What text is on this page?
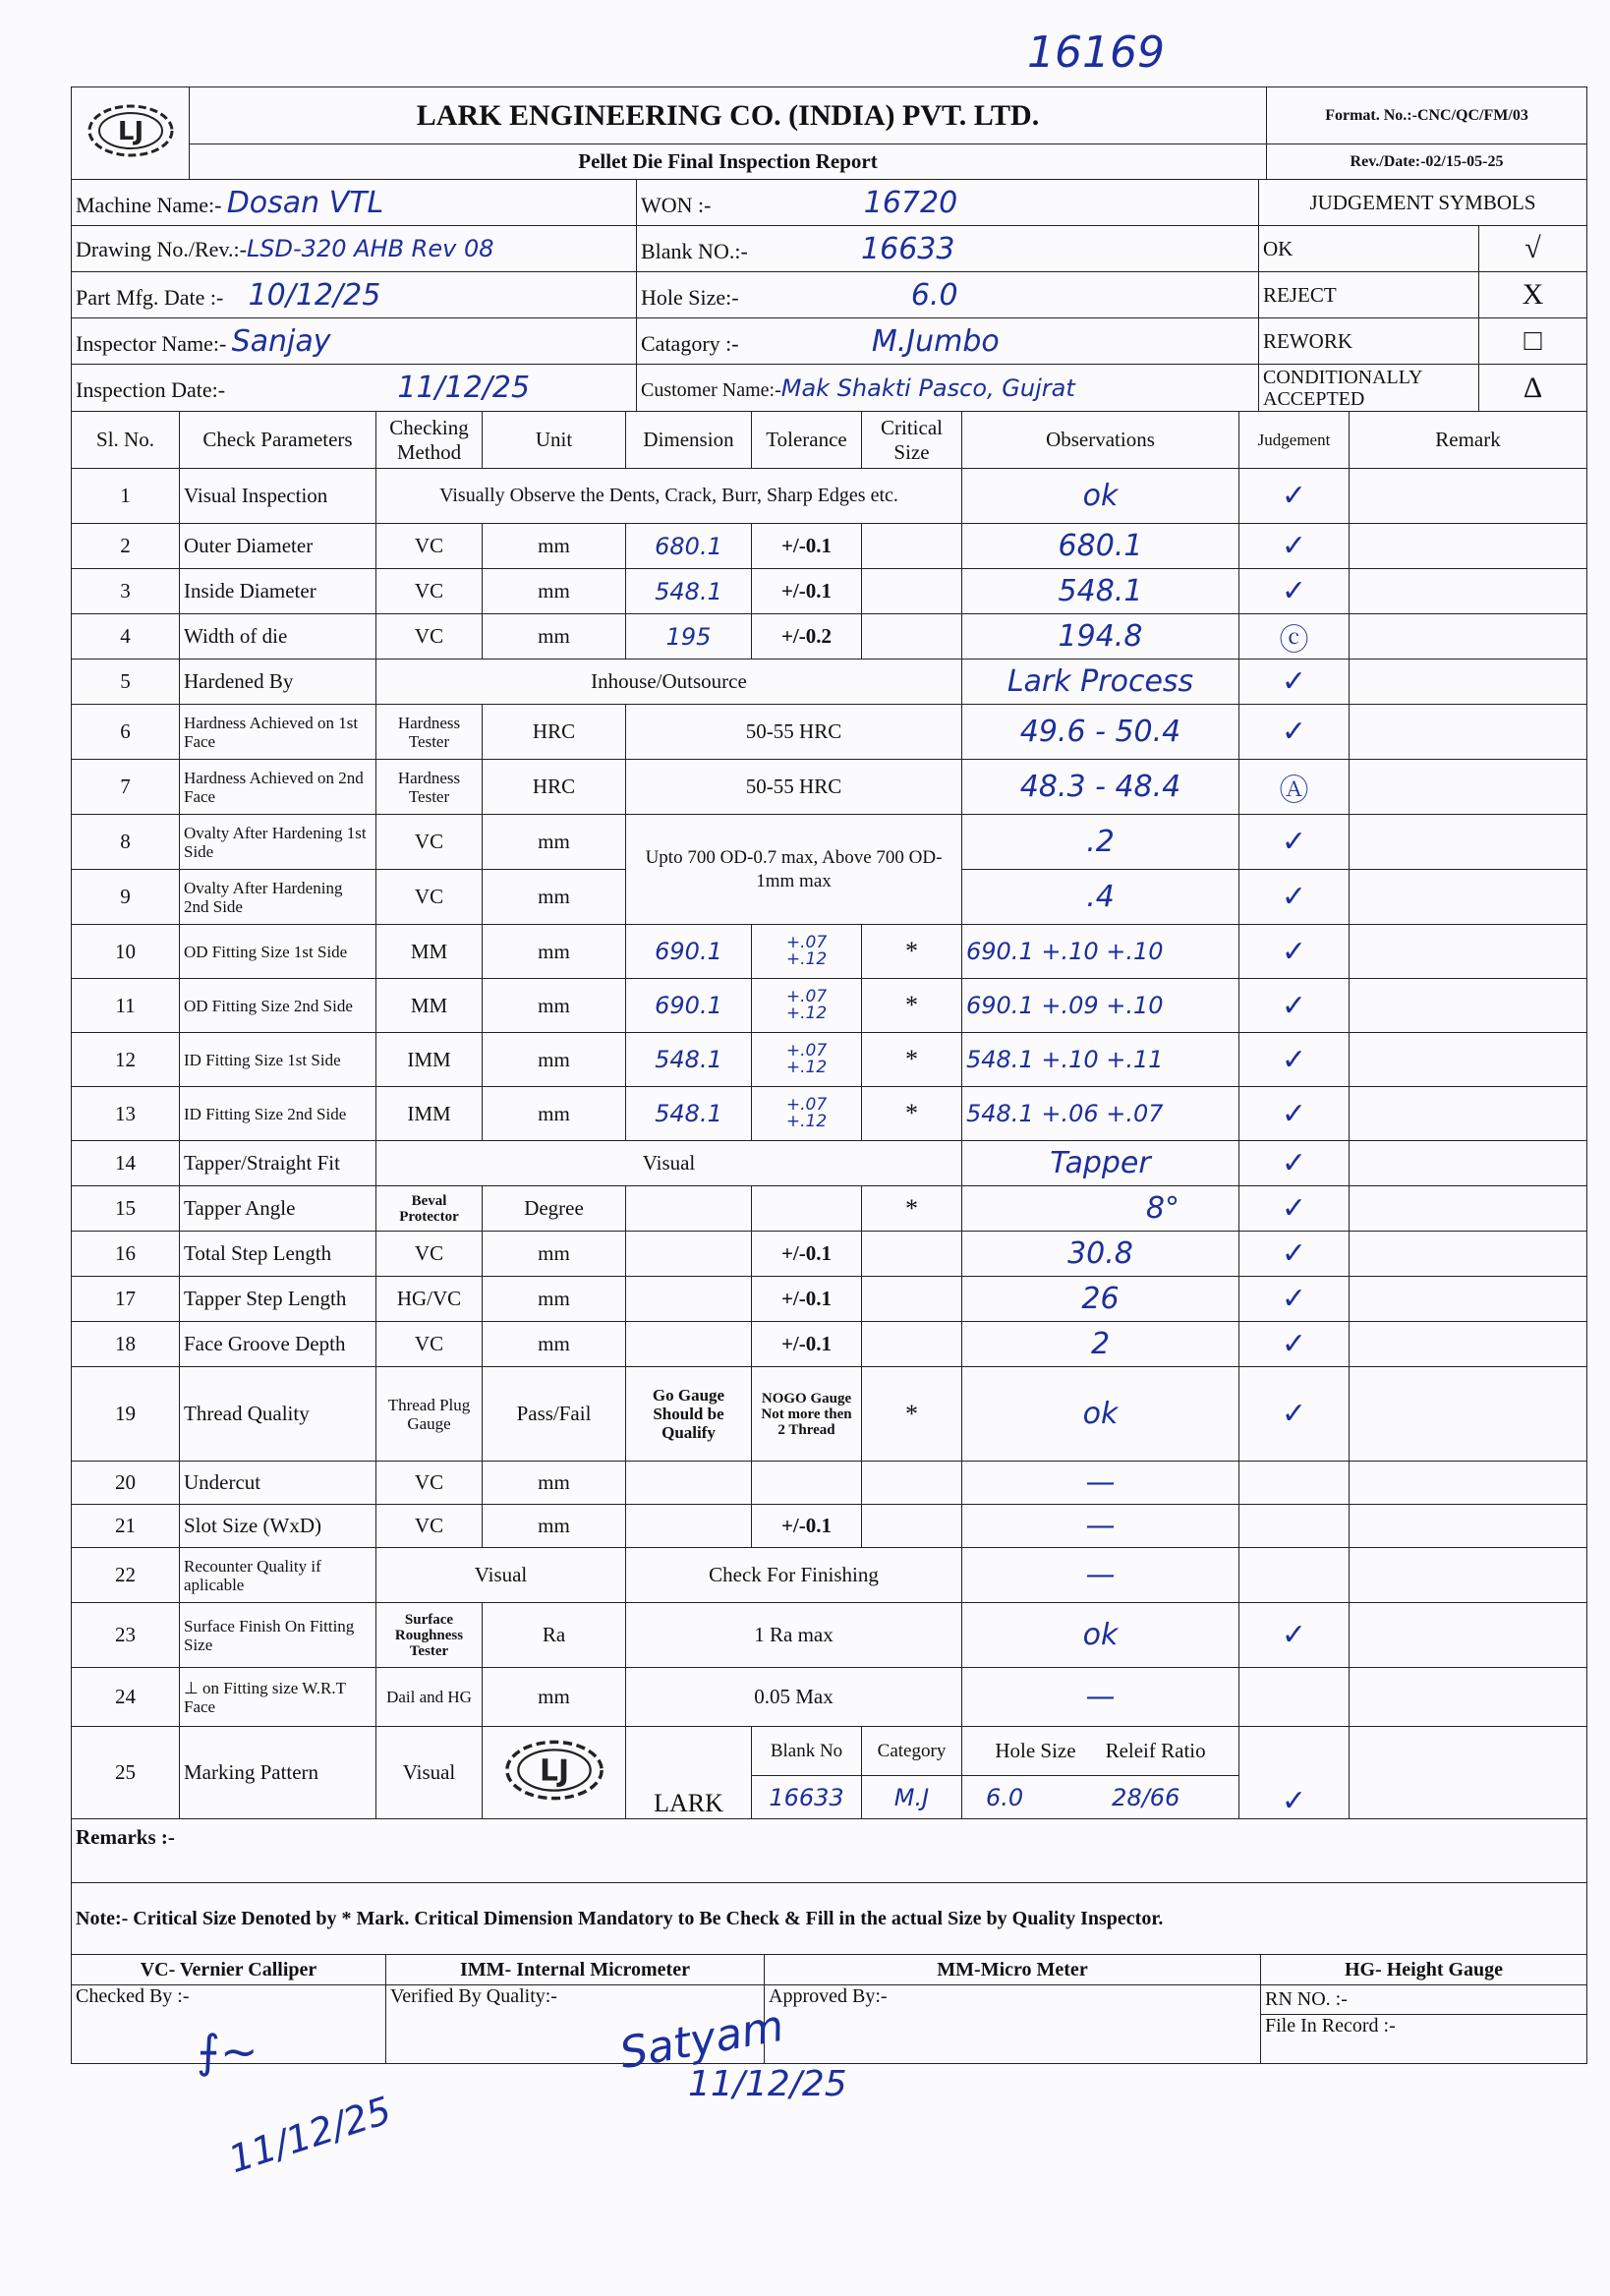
16169
LJ	LARK ENGINEERING CO. (INDIA) PVT. LTD.	Format. No.:-CNC/QC/FM/03
	Pellet Die Final Inspection Report	Rev./Date:-02/15-05-25
Machine Name:- Dosan VTL	WON :- 16720	JUDGEMENT SYMBOLS	
Drawing No./Rev.:-LSD-320 AHB Rev 08	Blank NO.:- 16633	OK	√
Part Mfg. Date :- 10/12/25	Hole Size:- 6.0	REJECT	X
Inspector Name:- Sanjay	Catagory :- M.Jumbo	REWORK	□
Inspection Date:- 11/12/25	Customer Name:-Mak Shakti Pasco, Gujrat	CONDITIONALLY ACCEPTED	Δ
Sl. No.	Check Parameters	Checking Method	Unit	Dimension	Tolerance	Critical Size	Observations	Judgement	Remark
1	Visual Inspection	Visually Observe the Dents, Crack, Burr, Sharp Edges etc.					ok	✓	
2	Outer Diameter	VC	mm	680.1	+/-0.1		680.1	✓	
3	Inside Diameter	VC	mm	548.1	+/-0.1		548.1	✓	
4	Width of die	VC	mm	195	+/-0.2		194.8	ⓒ	
5	Hardened By	Inhouse/Outsource					Lark Process	✓	
6	Hardness Achieved on 1st Face	Hardness Tester	HRC	50-55 HRC			49.6 - 50.4	✓	
7	Hardness Achieved on 2nd Face	Hardness Tester	HRC	50-55 HRC			48.3 - 48.4	Ⓐ	
8	Ovalty After Hardening 1st Side	VC	mm	Upto 700 OD-0.7 max, Above 700 OD-1mm max			.2	✓	
9	Ovalty After Hardening 2nd Side	VC	mm				.4	✓	
10	OD Fitting Size 1st Side	MM	mm	690.1	+.07
+.12	*	690.1 +.10 +.10	✓	
11	OD Fitting Size 2nd Side	MM	mm	690.1	+.07
+.12	*	690.1 +.09 +.10	✓	
12	ID Fitting Size 1st Side	IMM	mm	548.1	+.07
+.12	*	548.1 +.10 +.11	✓	
13	ID Fitting Size 2nd Side	IMM	mm	548.1	+.07
+.12	*	548.1 +.06 +.07	✓	
14	Tapper/Straight Fit	Visual					Tapper	✓	
15	Tapper Angle	Beval Protector	Degree			*	8°	✓	
16	Total Step Length	VC	mm		+/-0.1		30.8	✓	
17	Tapper Step Length	HG/VC	mm		+/-0.1		26	✓	
18	Face Groove Depth	VC	mm		+/-0.1		2	✓	
19	Thread Quality	Thread Plug Gauge	Pass/Fail	Go Gauge Should be Qualify	NOGO Gauge Not more then 2 Thread	*	ok	✓	
20	Undercut	VC	mm				—		
21	Slot Size (WxD)	VC	mm		+/-0.1		—		
22	Recounter Quality if aplicable	Visual		Check For Finishing			—		
23	Surface Finish On Fitting Size	Surface Roughness Tester	Ra	1 Ra max			ok	✓	
24	⊥ on Fitting size W.R.T Face	Dail and HG	mm	0.05 Max			—		
25	Marking Pattern	Visual	LJ	LARK	Blank No	Category	Hole Size Releif Ratio	✓	
					16633	M.J	6.0 28/66		
Remarks :-									
Note:- Critical Size Denoted by * Mark. Critical Dimension Mandatory to Be Check & Fill in the actual Size by Quality Inspector.									
VC- Vernier Calliper	IMM- Internal Micrometer	MM-Micro Meter	HG- Height Gauge
Checked By :-	Verified By Quality:-	Approved By:-	RN NO. :-
			File In Record :-
⨍~
11/12/25
Satyam
11/12/25
